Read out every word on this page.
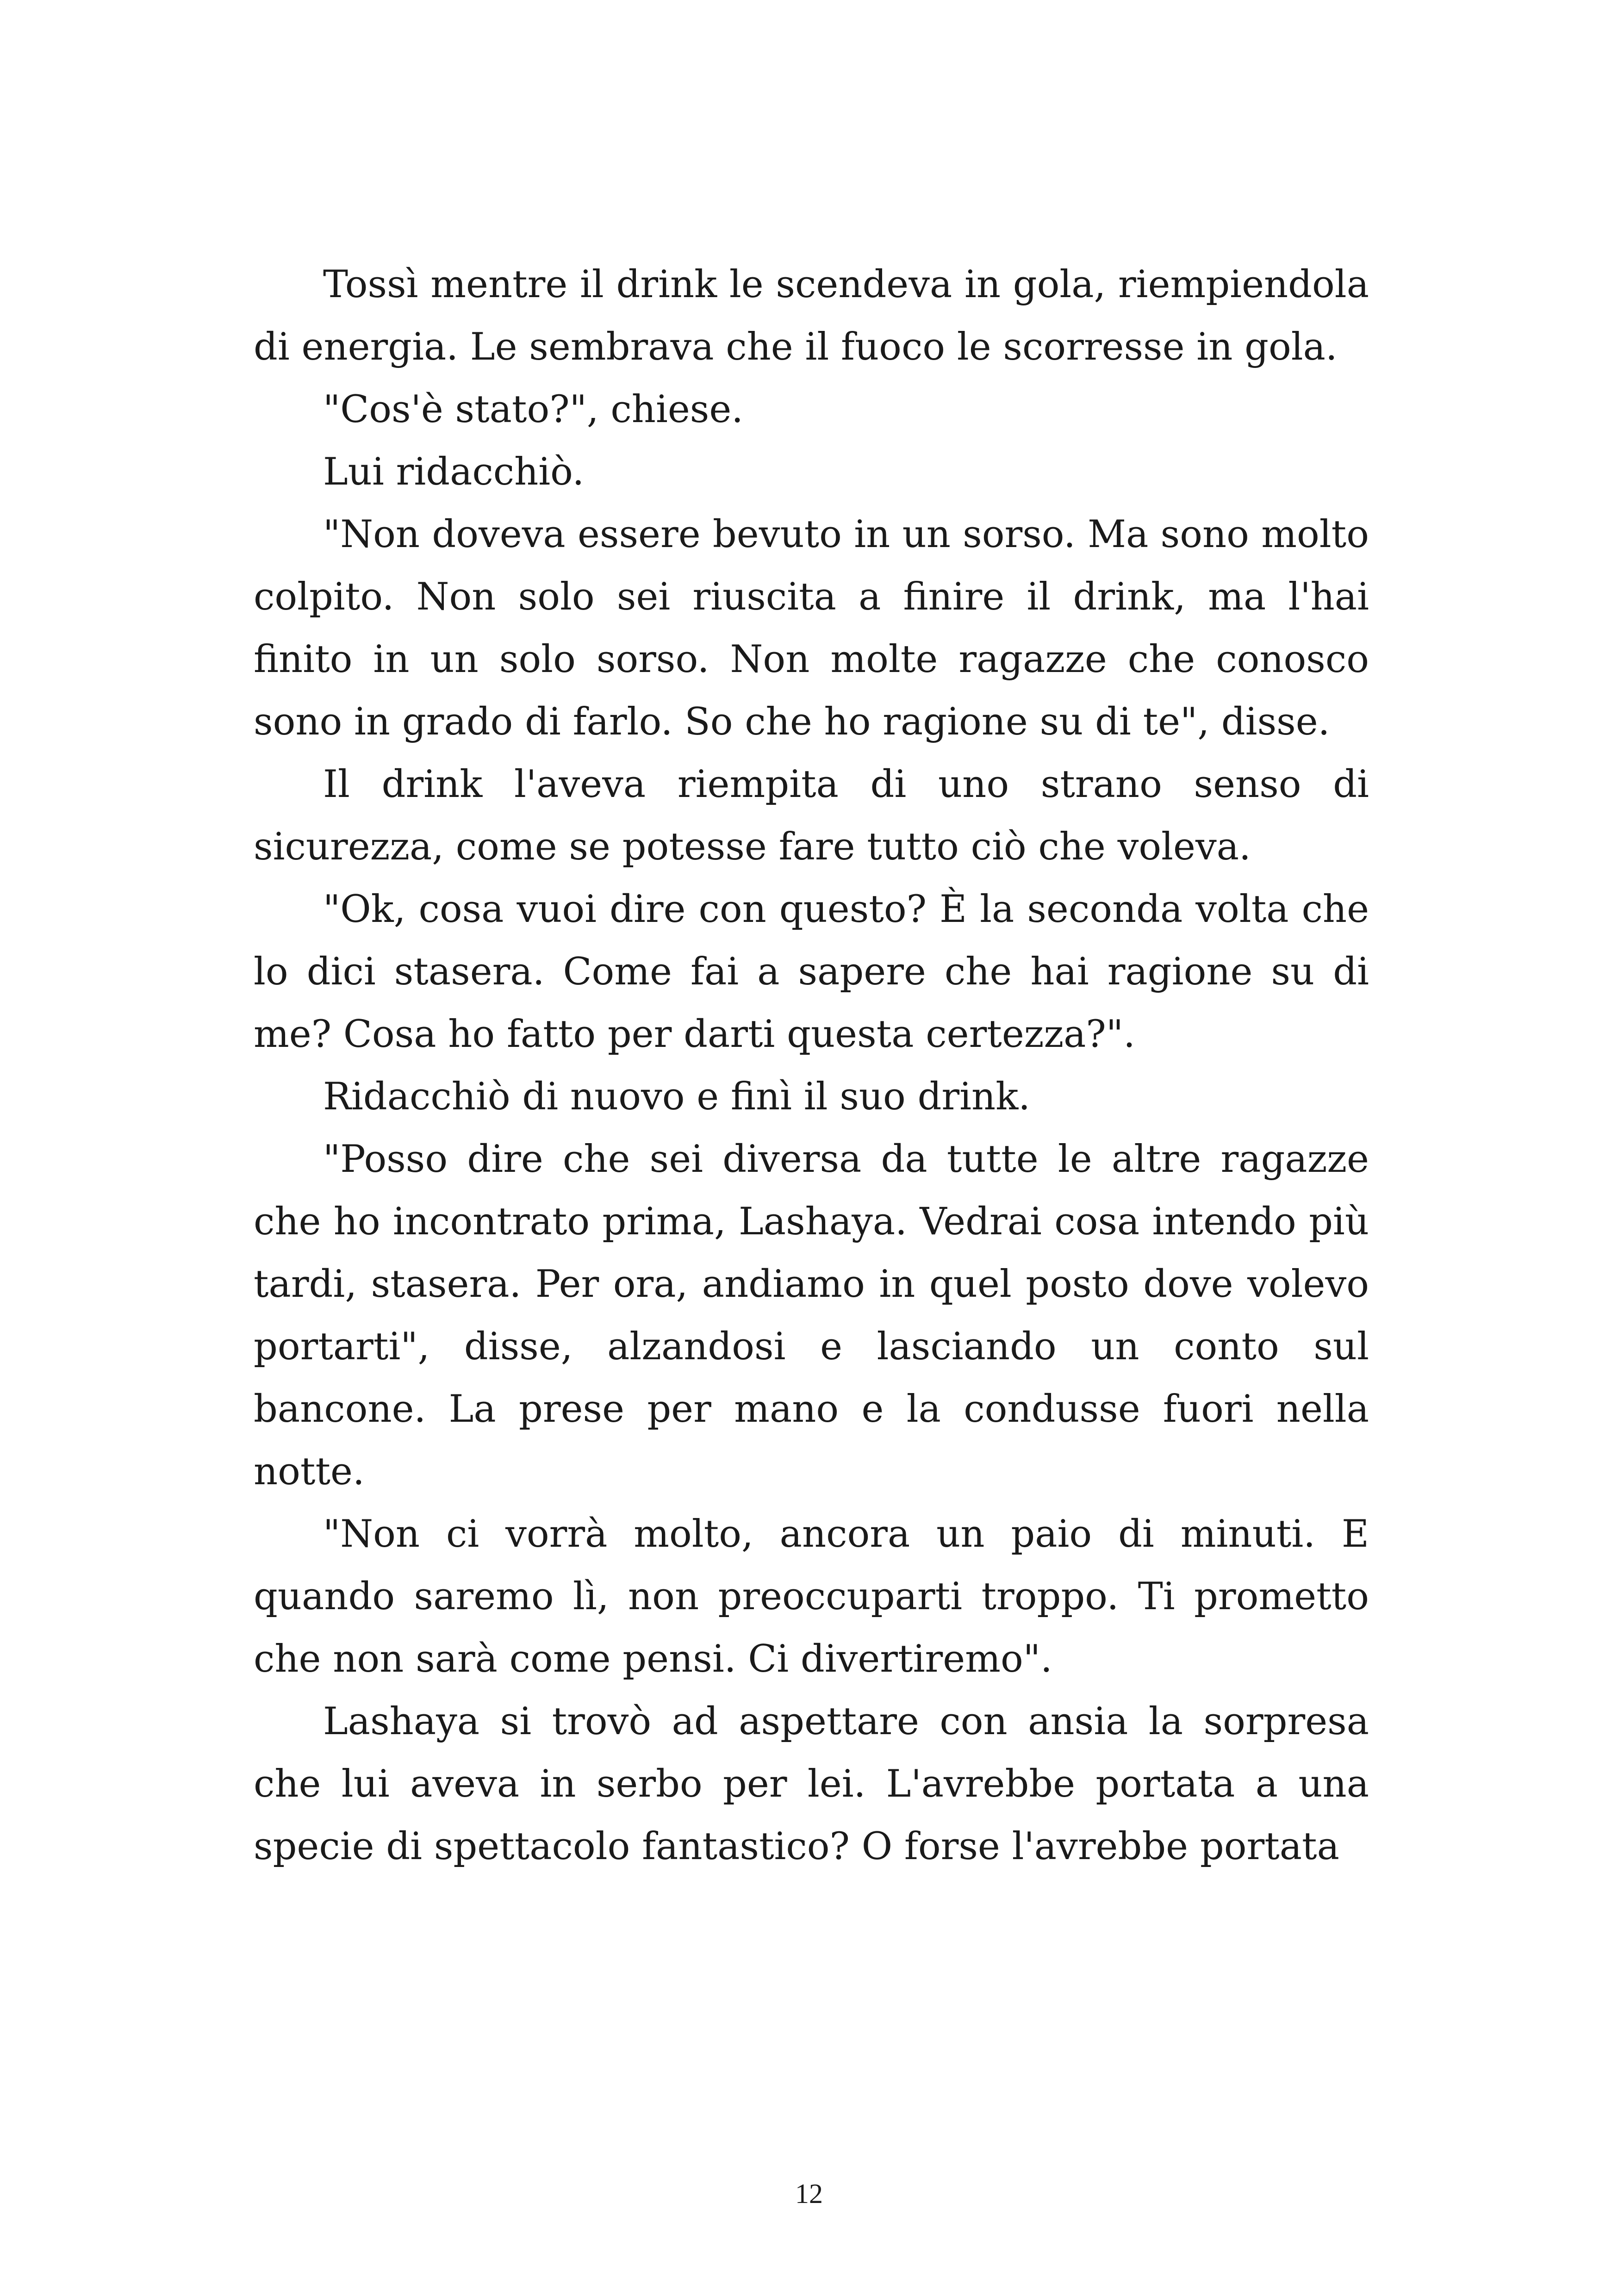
Tossì mentre il drink le scendeva in gola, riempiendola di energia. Le sembrava che il fuoco le scorresse in gola.

"Cos'è stato?", chiese.

Lui ridacchiò.

"Non doveva essere bevuto in un sorso. Ma sono molto colpito. Non solo sei riuscita a finire il drink, ma l'hai finito in un solo sorso. Non molte ragazze che conosco sono in grado di farlo. So che ho ragione su di te", disse.

Il drink l'aveva riempita di uno strano senso di sicurezza, come se potesse fare tutto ciò che voleva.

"Ok, cosa vuoi dire con questo? È la seconda volta che lo dici stasera. Come fai a sapere che hai ragione su di me? Cosa ho fatto per darti questa certezza?".

Ridacchiò di nuovo e finì il suo drink.

"Posso dire che sei diversa da tutte le altre ragazze che ho incontrato prima, Lashaya. Vedrai cosa intendo più tardi, stasera. Per ora, andiamo in quel posto dove volevo portarti", disse, alzandosi e lasciando un conto sul bancone. La prese per mano e la condusse fuori nella notte.

"Non ci vorrà molto, ancora un paio di minuti. E quando saremo lì, non preoccuparti troppo. Ti prometto che non sarà come pensi. Ci divertiremo".

Lashaya si trovò ad aspettare con ansia la sorpresa che lui aveva in serbo per lei. L'avrebbe portata a una specie di spettacolo fantastico? O forse l'avrebbe portata

12
